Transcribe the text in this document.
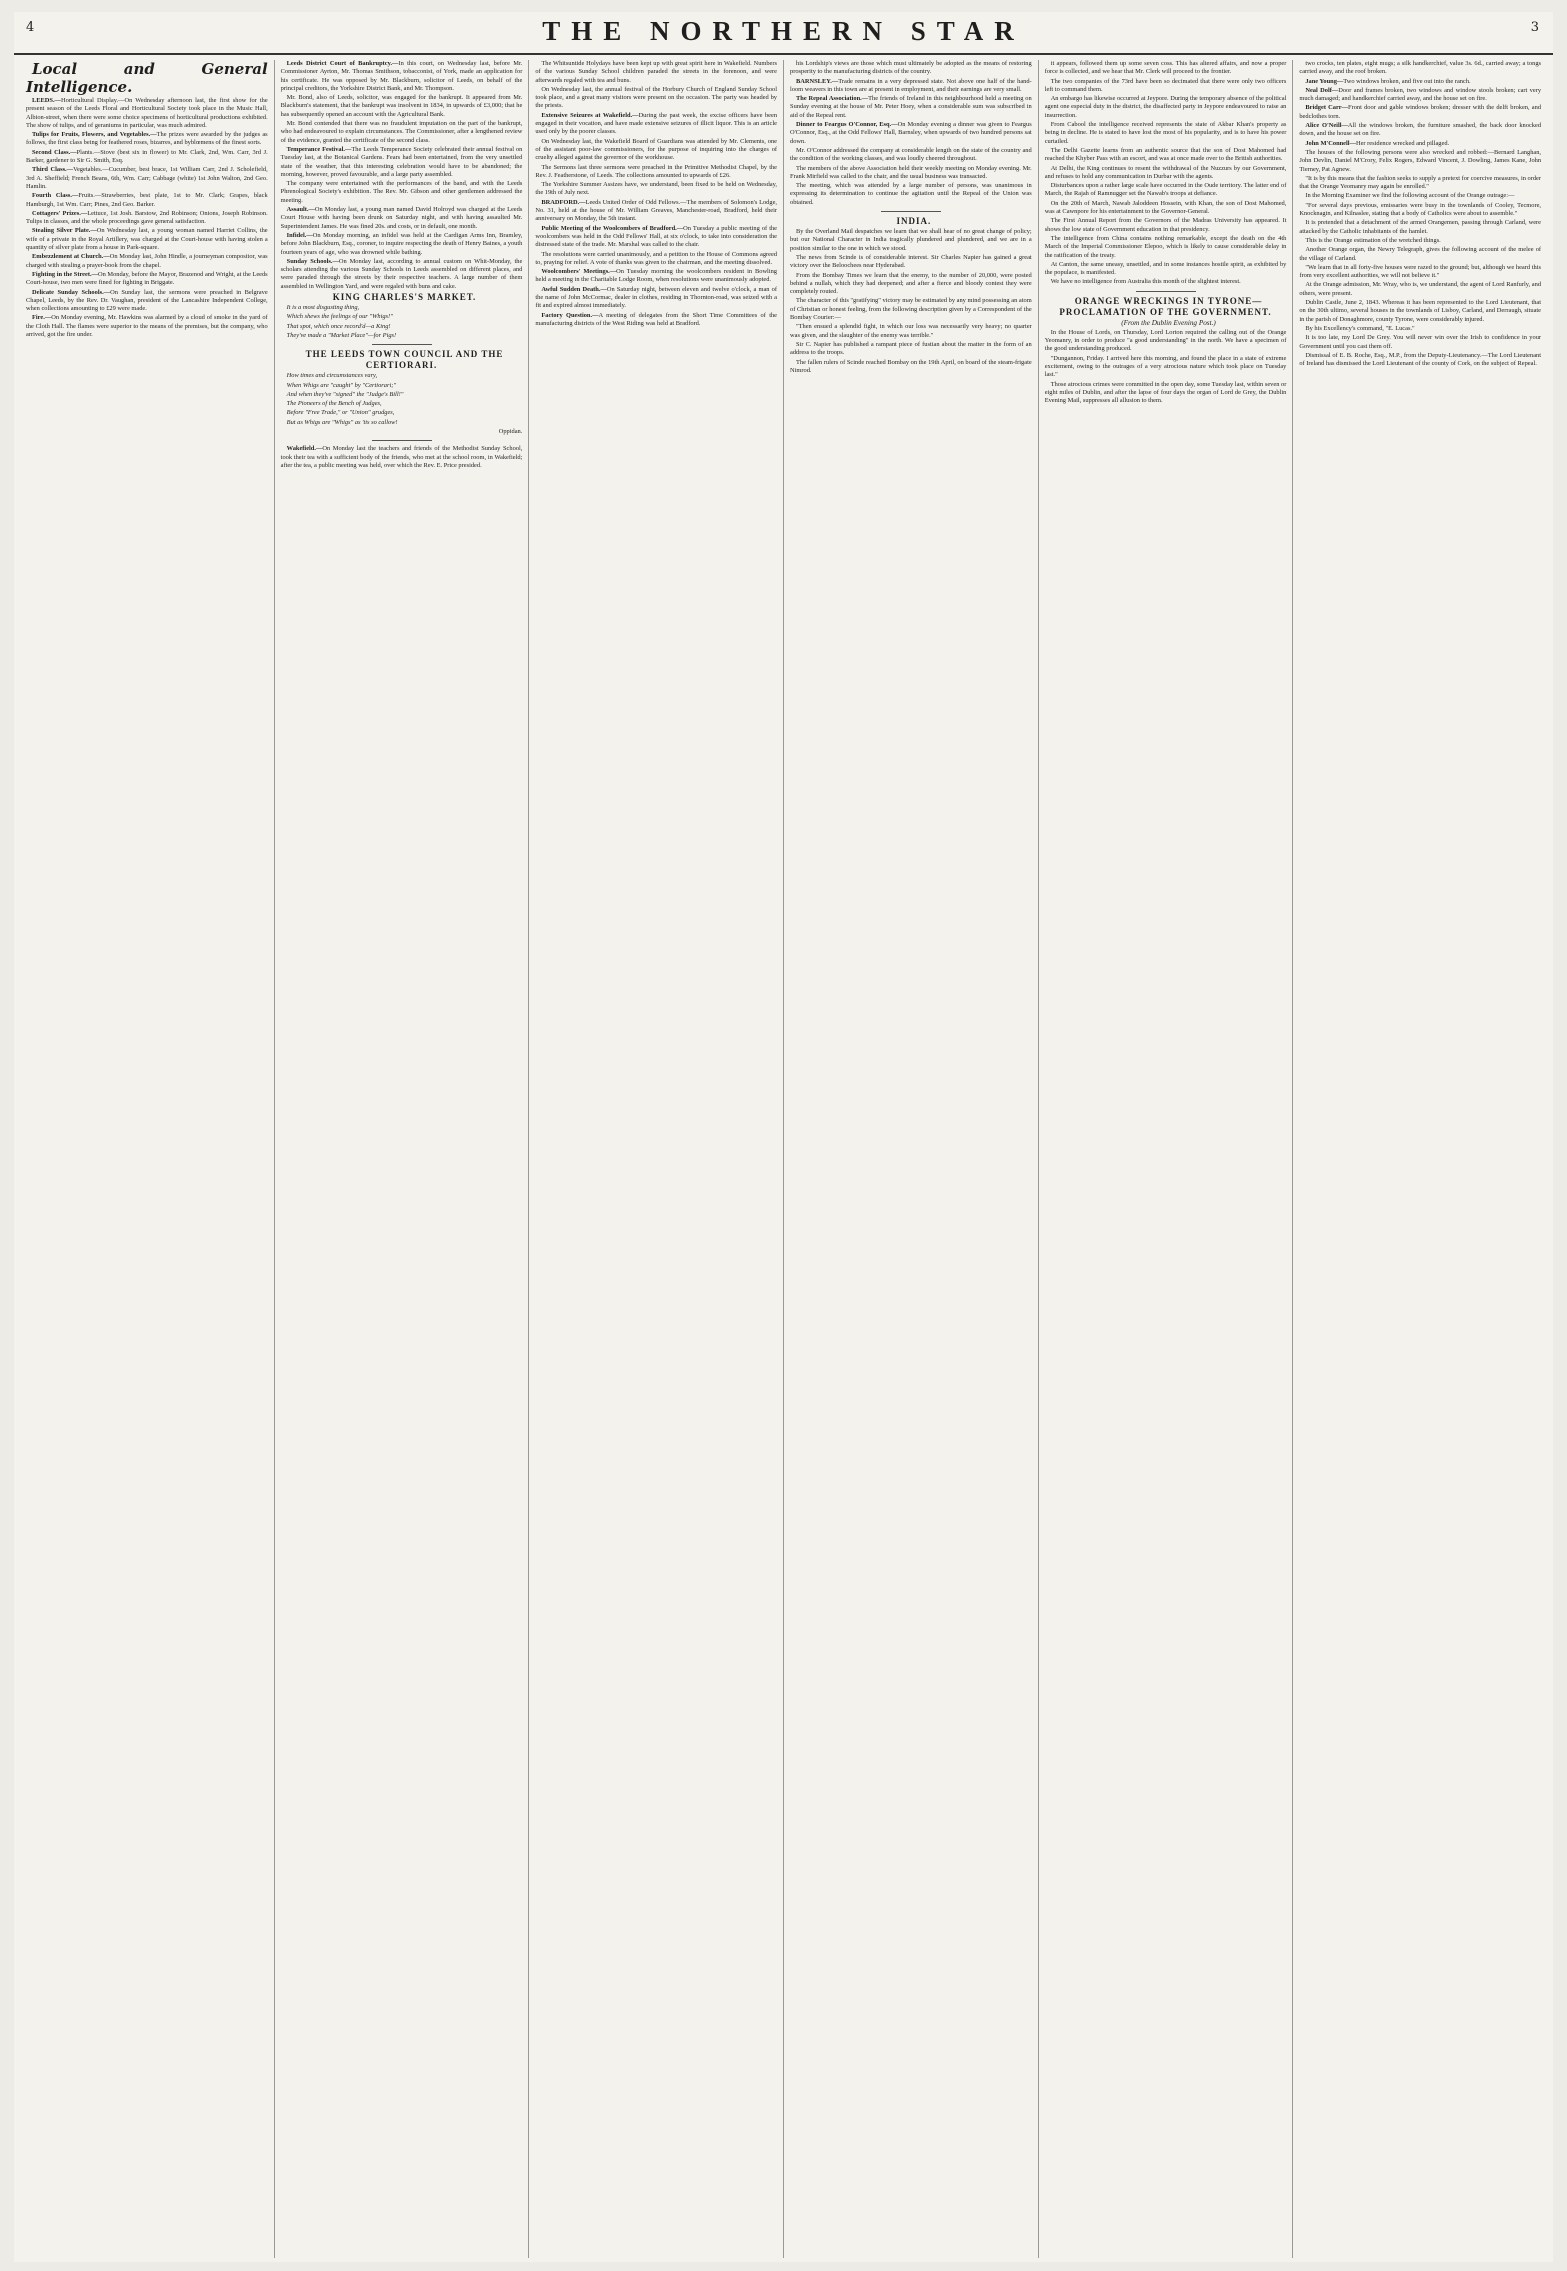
4	THE NORTHERN STAR	3

Local and General Intelligence.

LEEDS.—Horticultural Display.—On Wednesday afternoon last, the first show for the present season of the Leeds Floral and Horticultural Society took place in the Music Hall, Albion-street, when there were some choice specimens of horticultural productions exhibited. The show of tulips, and of geraniums in particular, was much admired.

Tulips for Fruits, Flowers, and Vegetables.—The prizes were awarded by the judges as follows, the first class being for feathered roses, bizarres, and byblœmens of the finest sorts.

Second Class.—Plants.—Stove (best six in flower) to Mr. Clark, 2nd, Wm. Carr, 3rd J. Barker, gardener to Sir G. Smith, Esq.

Third Class.—Vegetables.—Cucumber, best brace, 1st William Carr, 2nd J. Scholefield, 3rd A. Sheffield; French Beans, 6th, Wm. Carr; Cabbage (white) 1st John Walton, 2nd Geo. Hamlin.

Fourth Class.—Fruits.—Strawberries, best plate, 1st to Mr. Clark; Grapes, black Hamburgh, 1st Wm. Carr; Pines, 2nd Geo. Barker.

Cottagers' Prizes.—Lettuce, 1st Josh. Barstow, 2nd Robinson; Onions, Joseph Robinson. Tulips in classes, and the whole proceedings gave general satisfaction.

Stealing Silver Plate.—On Wednesday last, a young woman named Harriet Collins, the wife of a private in the Royal Artillery, was charged at the Court-house with having stolen a quantity of silver plate from a house in Park-square.

Embezzlement at Church.—On Monday last, John Hindle, a journeyman compositor, was charged with stealing a prayer-book from the chapel.

Fighting in the Street.—On Monday, before the Mayor, Brazenod and Wright, at the Leeds Court-house, two men were fined for fighting in Briggate.

Delicate Sunday Schools.—On Sunday last, the sermons were preached in Belgrave Chapel, Leeds, by the Rev. Dr. Vaughan, president of the Lancashire Independent College, when collections amounting to £29 were made.

Fire.—On Monday evening, Mr. Hawkins was alarmed by a cloud of smoke in the yard of the Cloth Hall. The flames were superior to the means of the premises, but the company, who arrived, got the fire under.

Leeds District Court of Bankruptcy.—In this court, on Wednesday last, before Mr. Commissioner Ayrton, Mr. Thomas Smithson, tobacconist, of York, made an application for his certificate. He was opposed by Mr. Blackburn, solicitor of Leeds, on behalf of the principal creditors, the Yorkshire District Bank, and Mr. Thompson.

Mr. Bond, also of Leeds, solicitor, was engaged for the bankrupt. It appeared from Mr. Blackburn's statement, that the bankrupt was insolvent in 1834, in upwards of £3,000; that he has subsequently opened an account with the Agricultural Bank.

Mr. Bond contended that there was no fraudulent imputation on the part of the bankrupt, who had endeavoured to explain circumstances. The Commissioner, after a lengthened review of the evidence, granted the certificate of the second class.

Temperance Festival.—The Leeds Temperance Society celebrated their annual festival on Tuesday last, at the Botanical Gardens. Fears had been entertained, from the very unsettled state of the weather, that this interesting celebration would have to be abandoned; the morning, however, proved favourable, and a large party assembled.

The company were entertained with the performances of the band, and with the Leeds Phrenological Society's exhibition. The Rev. Mr. Gibson and other gentlemen addressed the meeting.

Assault.—On Monday last, a young man named David Holroyd was charged at the Leeds Court House with having been drunk on Saturday night, and with having assaulted Mr. Superintendent James. He was fined 20s. and costs, or in default, one month.

Infidel.—On Monday morning, an infidel was held at the Cardigan Arms Inn, Bramley, before John Blackburn, Esq., coroner, to inquire respecting the death of Henry Baines, a youth fourteen years of age, who was drowned while bathing.

Sunday Schools.—On Monday last, according to annual custom on Whit-Monday, the scholars attending the various Sunday Schools in Leeds assembled on different places, and were paraded through the streets by their respective teachers. A large number of them assembled in Wellington Yard, and were regaled with buns and cake.

KING CHARLES'S MARKET.

It is a most disgusting thing,

Which shews the feelings of our "Whigs!"

That spot, which once record'd—a King!

They've made a "Market Place"—for Pigs!

THE LEEDS TOWN COUNCIL AND THE CERTIORARI.

How times and circumstances vary,

When Whigs are "caught" by "Certiorari;"

And when they've "signed" the "Judge's Bill!"

The Pioneers of the Bench of Judges,

Before "Free Trade," or "Union" grudges,

But as Whigs are "Whigs" as 'tis so callow!

Oppidan.

Wakefield.—On Monday last the teachers and friends of the Methodist Sunday School, took their tea with a sufficient body of the friends, who met at the school room, in Wakefield; after the tea, a public meeting was held, over which the Rev. E. Price presided.

The Whitsuntide Holydays have been kept up with great spirit here in Wakefield. Numbers of the various Sunday School children paraded the streets in the forenoon, and were afterwards regaled with tea and buns.

On Wednesday last, the annual festival of the Horbury Church of England Sunday School took place, and a great many visitors were present on the occasion. The party was headed by the priests.

Extensive Seizures at Wakefield.—During the past week, the excise officers have been engaged in their vocation, and have made extensive seizures of illicit liquor. This is an article used only by the poorer classes.

On Wednesday last, the Wakefield Board of Guardians was attended by Mr. Clements, one of the assistant poor-law commissioners, for the purpose of inquiring into the charges of cruelty alleged against the governor of the workhouse.

The Sermons last three sermons were preached in the Primitive Methodist Chapel, by the Rev. J. Featherstone, of Leeds. The collections amounted to upwards of £26.

The Yorkshire Summer Assizes have, we understand, been fixed to be held on Wednesday, the 19th of July next.

BRADFORD.—Leeds United Order of Odd Fellows.—The members of Solomon's Lodge, No. 31, held at the house of Mr. William Greaves, Manchester-road, Bradford, held their anniversary on Monday, the 5th instant.

Public Meeting of the Woolcombers of Bradford.—On Tuesday a public meeting of the woolcombers was held in the Odd Fellows' Hall, at six o'clock, to take into consideration the distressed state of the trade. Mr. Marshal was called to the chair.

The resolutions were carried unanimously, and a petition to the House of Commons agreed to, praying for relief. A vote of thanks was given to the chairman, and the meeting dissolved.

Woolcombers' Meetings.—On Tuesday morning the woolcombers resident in Bowling held a meeting in the Charitable Lodge Room, when resolutions were unanimously adopted.

Awful Sudden Death.—On Saturday night, between eleven and twelve o'clock, a man of the name of John McCormac, dealer in clothes, residing in Thornton-road, was seized with a fit and expired almost immediately.

Factory Question.—A meeting of delegates from the Short Time Committees of the manufacturing districts of the West Riding was held at Bradford.

his Lordship's views are those which must ultimately be adopted as the means of restoring prosperity to the manufacturing districts of the country.

BARNSLEY.—Trade remains in a very depressed state. Not above one half of the hand-loom weavers in this town are at present in employment, and their earnings are very small.

The Repeal Association.—The friends of Ireland in this neighbourhood held a meeting on Sunday evening at the house of Mr. Peter Hoey, when a considerable sum was subscribed in aid of the Repeal rent.

Dinner to Feargus O'Connor, Esq.—On Monday evening a dinner was given to Feargus O'Connor, Esq., at the Odd Fellows' Hall, Barnsley, when upwards of two hundred persons sat down.

Mr. O'Connor addressed the company at considerable length on the state of the country and the condition of the working classes, and was loudly cheered throughout.

The members of the above Association held their weekly meeting on Monday evening. Mr. Frank Mirfield was called to the chair, and the usual business was transacted.

The meeting, which was attended by a large number of persons, was unanimous in expressing its determination to continue the agitation until the Repeal of the Union was obtained.

INDIA.

By the Overland Mail despatches we learn that we shall hear of no great change of policy; but our National Character in India tragically plundered and plundered, and we are in a position similar to the one in which we stood.

The news from Scinde is of considerable interest. Sir Charles Napier has gained a great victory over the Beloochees near Hyderabad.

From the Bombay Times we learn that the enemy, to the number of 20,000, were posted behind a nullah, which they had deepened; and after a fierce and bloody contest they were completely routed.

The character of this "gratifying" victory may be estimated by any mind possessing an atom of Christian or honest feeling, from the following description given by a Correspondent of the Bombay Courier:—

"Then ensued a splendid fight, in which our loss was necessarily very heavy; no quarter was given, and the slaughter of the enemy was terrible."

Sir C. Napier has published a rampant piece of fustian about the matter in the form of an address to the troops.

The fallen rulers of Scinde reached Bombay on the 19th April, on board of the steam-frigate Nimrod.

it appears, followed them up some seven coss. This has altered affairs, and now a proper force is collected, and we hear that Mr. Clerk will proceed to the frontier.

The two companies of the 73rd have been so decimated that there were only two officers left to command them.

An embargo has likewise occurred at Jeypore. During the temporary absence of the political agent one especial duty in the district, the disaffected party in Jeypore endeavoured to raise an insurrection.

From Cabool the intelligence received represents the state of Akbar Khan's property as being in decline. He is stated to have lost the most of his popularity, and is to have his power curtailed.

The Delhi Gazette learns from an authentic source that the son of Dost Mahomed had reached the Khyber Pass with an escort, and was at once made over to the British authorities.

At Delhi, the King continues to resent the withdrawal of the Nuzzurs by our Government, and refuses to hold any communication in Durbar with the agents.

Disturbances upon a rather large scale have occurred in the Oude territory. The latter end of March, the Rajah of Ramnugger set the Nawab's troops at defiance.

On the 20th of March, Nawab Jaloddeen Hossein, with Khan, the son of Dost Mahomed, was at Cawnpore for his entertainment to the Governor-General.

The First Annual Report from the Governors of the Madras University has appeared. It shows the low state of Government education in that presidency.

The intelligence from China contains nothing remarkable, except the death on the 4th March of the Imperial Commissioner Elepoo, which is likely to cause considerable delay in the ratification of the treaty.

At Canton, the same uneasy, unsettled, and in some instances hostile spirit, as exhibited by the populace, is manifested.

We have no intelligence from Australia this month of the slightest interest.

ORANGE WRECKINGS IN TYRONE—PROCLAMATION OF THE GOVERNMENT.

(From the Dublin Evening Post.)

In the House of Lords, on Thursday, Lord Lorton required the calling out of the Orange Yeomanry, in order to produce "a good understanding" in the north. We have a specimen of the good understanding produced.

"Dungannon, Friday. I arrived here this morning, and found the place in a state of extreme excitement, owing to the outrages of a very atrocious nature which took place on Tuesday last."

Those atrocious crimes were committed in the open day, some Tuesday last, within seven or eight miles of Dublin, and after the lapse of four days the organ of Lord de Grey, the Dublin Evening Mail, suppresses all allusion to them.

two crocks, ten plates, eight mugs; a silk handkerchief, value 3s. 6d., carried away; a tongs carried away, and the roof broken.

Jane Young—Two windows broken, and five out into the ranch.

Neal Dolf—Door and frames broken, two windows and window stools broken; cart very much damaged; and handkerchief carried away, and the house set on fire.

Bridget Carr—Front door and gable windows broken; dresser with the delft broken, and bedclothes torn.

Alice O'Neill—All the windows broken, the furniture smashed, the back door knocked down, and the house set on fire.

John M'Connell—Her residence wrecked and pillaged.

The houses of the following persons were also wrecked and robbed:—Bernard Langhan, John Devlin, Daniel M'Crory, Felix Rogers, Edward Vincent, J. Dowling, James Kane, John Tierney, Pat Agnew.

"It is by this means that the fashion seeks to supply a pretext for coercive measures, in order that the Orange Yeomanry may again be enrolled."

In the Morning Examiner we find the following account of the Orange outrage:—

"For several days previous, emissaries were busy in the townlands of Cooley, Tecmore, Knocknagin, and Kilnaslee, stating that a body of Catholics were about to assemble."

It is pretended that a detachment of the armed Orangemen, passing through Carland, were attacked by the Catholic inhabitants of the hamlet.

This is the Orange estimation of the wretched things.

Another Orange organ, the Newry Telegraph, gives the following account of the melee of the village of Carland.

"We learn that in all forty-five houses were razed to the ground; but, although we heard this from very excellent authorities, we will not believe it."

At the Orange admission, Mr. Wray, who is, we understand, the agent of Lord Ranfurly, and others, were present.

Dublin Castle, June 2, 1843. Whereas it has been represented to the Lord Lieutenant, that on the 30th ultimo, several houses in the townlands of Lisboy, Carland, and Derraugh, situate in the parish of Donaghmore, county Tyrone, were considerably injured.

By his Excellency's command, "E. Lucas."

It is too late, my Lord De Grey. You will never win over the Irish to confidence in your Government until you cast them off.

Dismissal of E. B. Roche, Esq., M.P., from the Deputy-Lieutenancy.—The Lord Lieutenant of Ireland has dismissed the Lord Lieutenant of the county of Cork, on the subject of Repeal.
